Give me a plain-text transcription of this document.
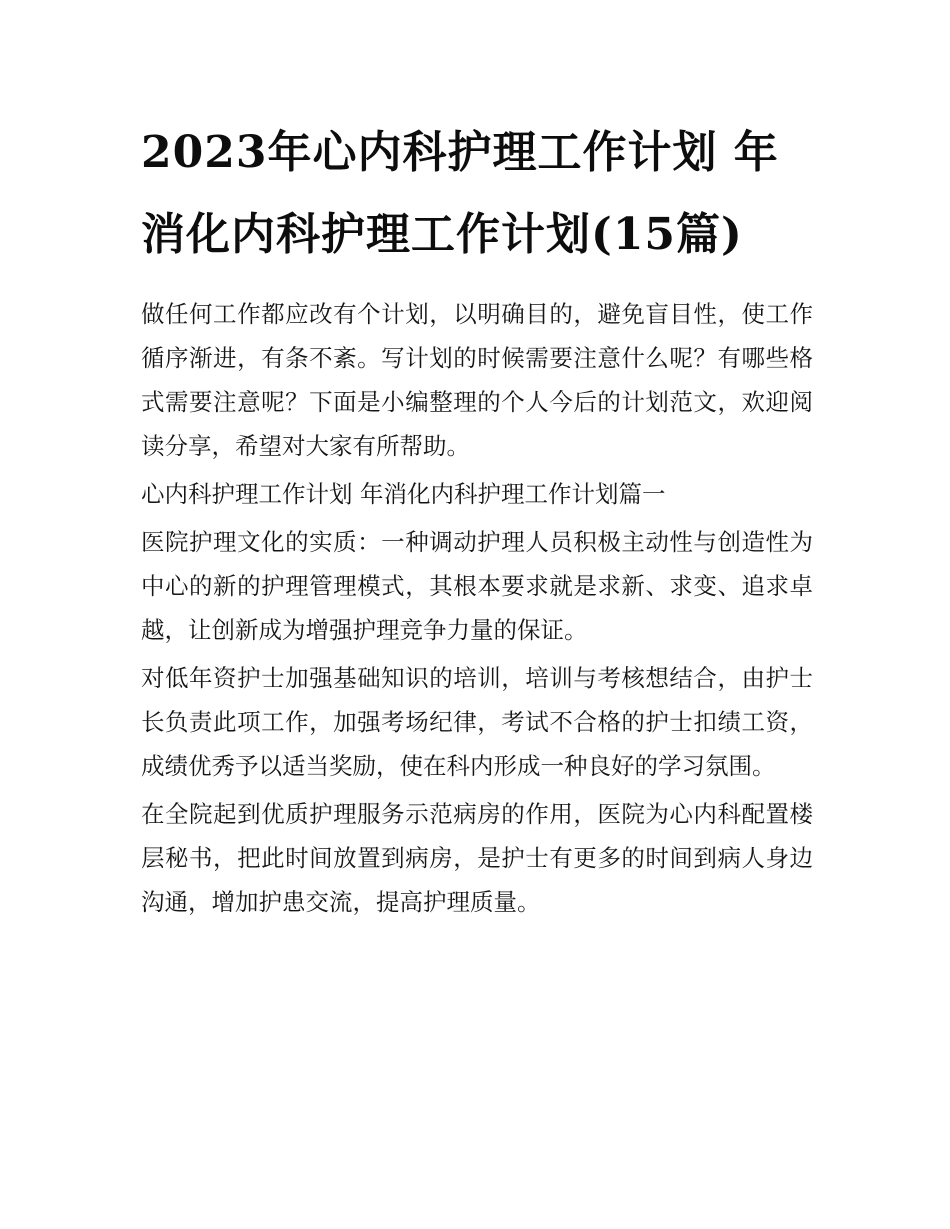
2023年心内科护理工作计划 年消化内科护理工作计划(15篇)

做任何工作都应改有个计划，以明确目的，避免盲目性，使工作循序渐进，有条不紊。写计划的时候需要注意什么呢？有哪些格式需要注意呢？下面是小编整理的个人今后的计划范文，欢迎阅读分享，希望对大家有所帮助。

心内科护理工作计划 年消化内科护理工作计划篇一

医院护理文化的实质：一种调动护理人员积极主动性与创造性为中心的新的护理管理模式，其根本要求就是求新、求变、追求卓越，让创新成为增强护理竞争力量的保证。

对低年资护士加强基础知识的培训，培训与考核想结合，由护士长负责此项工作，加强考场纪律，考试不合格的护士扣绩工资，成绩优秀予以适当奖励，使在科内形成一种良好的学习氛围。

在全院起到优质护理服务示范病房的作用，医院为心内科配置楼层秘书，把此时间放置到病房，是护士有更多的时间到病人身边沟通，增加护患交流，提高护理质量。
